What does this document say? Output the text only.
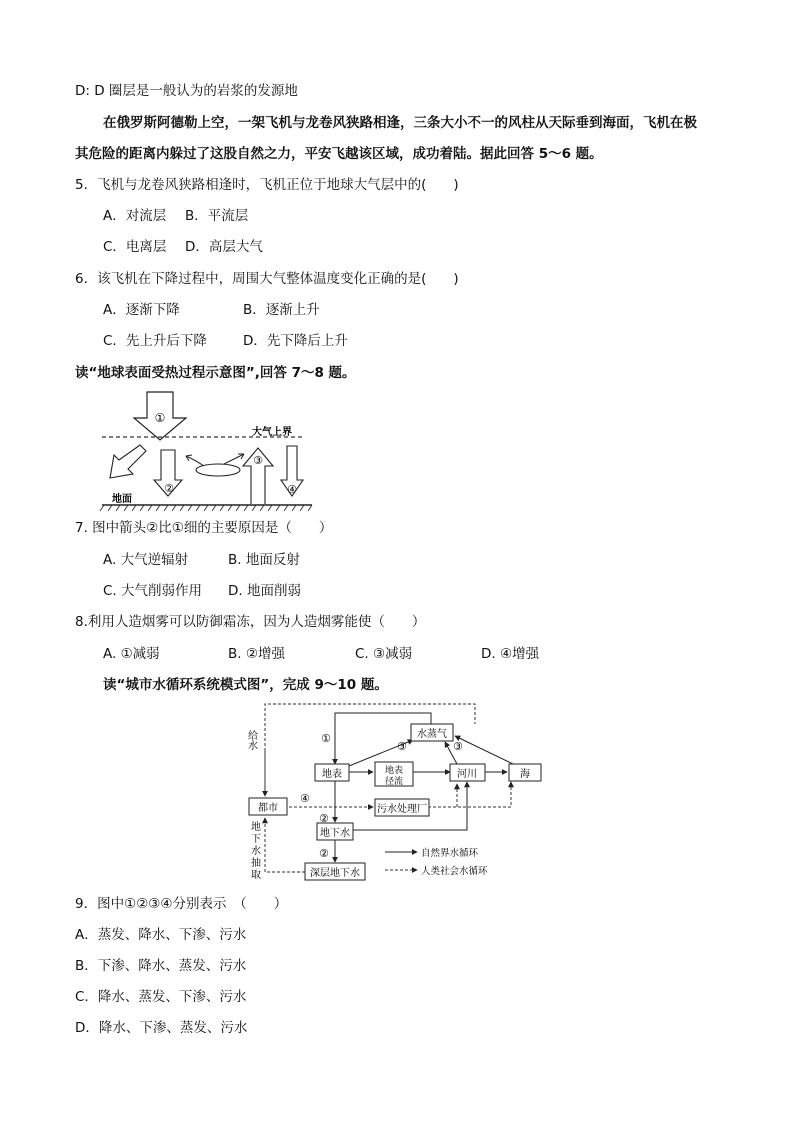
D: D 圈层是一般认为的岩浆的发源地
在俄罗斯阿德勒上空，一架飞机与龙卷风狭路相逢，三条大小不一的风柱从天际垂到海面，飞机在极
其危险的距离内躲过了这股自然之力，平安飞越该区域，成功着陆。据此回答 5～6 题。
5．飞机与龙卷风狭路相逢时，飞机正位于地球大气层中的(　　)
A．对流层 B．平流层
C．电离层 D．高层大气
6．该飞机在下降过程中，周围大气整体温度变化正确的是(　　)
A．逐渐下降	B．逐渐上升
C．先上升后下降	D．先下降后上升
读“地球表面受热过程示意图”,回答 7～8 题。
①
大气上界
②
③
④
地面
7. 图中箭头②比①细的主要原因是（　　）
A. 大气逆辐射	B. 地面反射
C. 大气削弱作用 D. 地面削弱
8.利用人造烟雾可以防御霜冻，因为人造烟雾能使（　　）
A. ①减弱	B. ②增强	C. ③减弱	D. ④增强
读“城市水循环系统模式图”，完成 9～10 题。
水蒸气
地表	地表
径流
河川	海
都市	污水处理厂
地下水
深层地下水
给水
地
下
水
抽
取
①
③	③
④
②
②	自然界水循环
人类社会水循环
9．图中①②③④分别表示　（　　）
A．蒸发、降水、下渗、污水
B．下渗、降水、蒸发、污水
C．降水、蒸发、下渗、污水
D．降水、下渗、蒸发、污水
